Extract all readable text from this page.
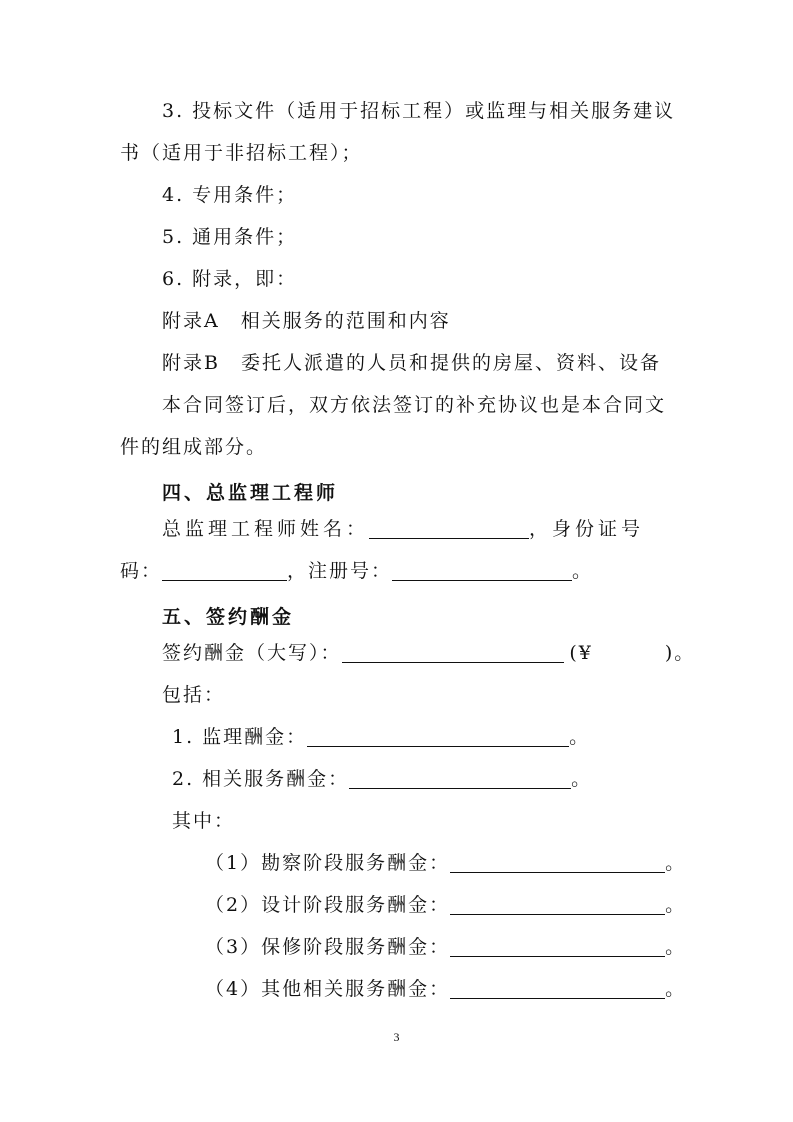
3. 投标文件（适用于招标工程）或监理与相关服务建议
书（适用于非招标工程）；
4. 专用条件；
5. 通用条件；
6. 附录，即：
附录A　相关服务的范围和内容
附录B　委托人派遣的人员和提供的房屋、资料、设备
本合同签订后，双方依法签订的补充协议也是本合同文
件的组成部分。
四、总监理工程师
总监理工程师姓名：	，身份证号
码：	，注册号：	。
五、签约酬金
签约酬金（大写）： 	(¥	)。
包括：
1. 监理酬金：	。
2. 相关服务酬金：	。
其中：
（1）勘察阶段服务酬金：	。
（2）设计阶段服务酬金：	。
（3）保修阶段服务酬金：	。
（4）其他相关服务酬金：	。
3
